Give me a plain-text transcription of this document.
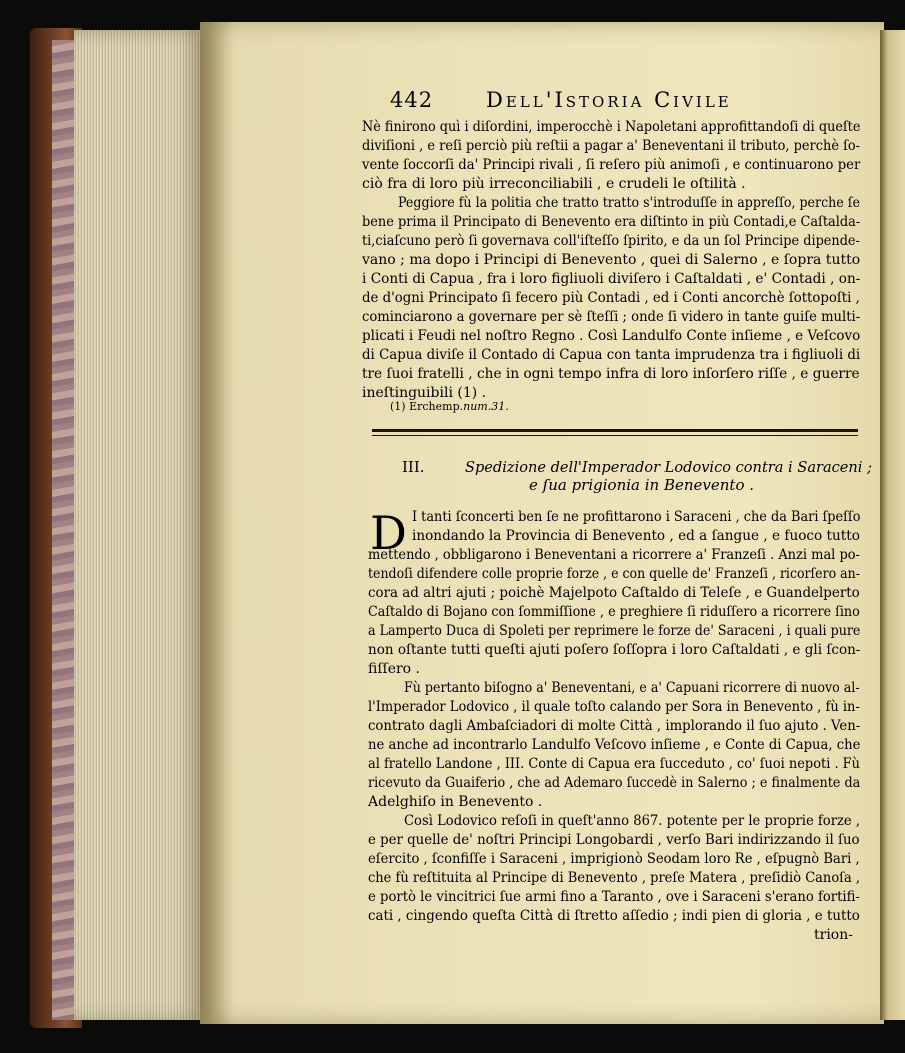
442	Dell'Istoria Civile
Nè finirono quì i diſordini, imperocchè i Napoletani approfittandoſi di queſte
diviſioni , e reſi perciò più reſtii a pagar a' Beneventani il tributo, perchè ſo-
vente ſoccorſi da' Principi rivali , ſi reſero più animoſi , e continuarono per
ciò fra di loro più irreconciliabili , e crudeli le oſtilità .
Peggiore fù la politia che tratto tratto s'introduſſe in appreſſo, perche ſe
bene prima il Principato di Benevento era diſtinto in più Contadi,e Caſtalda-
ti,ciaſcuno però ſi governava coll'iſteſſo ſpirito, e da un ſol Principe dipende-
vano ; ma dopo i Principi di Benevento , quei di Salerno , e ſopra tutto
i Conti di Capua , fra i loro figliuoli diviſero i Caſtaldati , e' Contadi , on-
de d'ogni Principato ſi fecero più Contadi , ed i Conti ancorchè ſottopoſti ,
cominciarono a governare per sè ſteſſi ; onde ſi videro in tante guiſe multi-
plicati i Feudi nel noſtro Regno . Così Landulfo Conte inſieme , e Veſcovo
di Capua diviſe il Contado di Capua con tanta imprudenza tra i figliuoli di
tre ſuoi fratelli , che in ogni tempo infra di loro inſorſero riſſe , e guerre
ineſtinguibili (1) .
(1) Erchemp.num.31.
III.	Spedizione dell'Imperador Lodovico contra i Saraceni ;
e ſua prigionia in Benevento .
D I tanti ſconcerti ben ſe ne profittarono i Saraceni , che da Bari ſpeſſo
inondando la Provincia di Benevento , ed a ſangue , e fuoco tutto
mettendo , obbligarono i Beneventani a ricorrere a' Franzeſi . Anzi mal po-
tendoſi difendere colle proprie forze , e con quelle de' Franzeſi , ricorſero an-
cora ad altri ajuti ; poichè Majelpoto Caſtaldo di Teleſe , e Guandelperto
Caſtaldo di Bojano con ſommiſſione , e preghiere ſi riduſſero a ricorrere ſino
a Lamperto Duca di Spoleti per reprimere le forze de' Saraceni , i quali pure
non oſtante tutti queſti ajuti poſero ſoſſopra i loro Caſtaldati , e gli ſcon-
fiſſero .
Fù pertanto biſogno a' Beneventani, e a' Capuani ricorrere di nuovo al-
l'Imperador Lodovico , il quale toſto calando per Sora in Benevento , fù in-
contrato dagli Ambaſciadori di molte Città , implorando il ſuo ajuto . Ven-
ne anche ad incontrarlo Landulfo Veſcovo inſieme , e Conte di Capua, che
al fratello Landone , III. Conte di Capua era ſucceduto , co' ſuoi nepoti . Fù
ricevuto da Guaiferio , che ad Ademaro ſuccedè in Salerno ; e finalmente da
Adelghiſo in Benevento .
Così Lodovico reſoſi in queſt'anno 867. potente per le proprie forze ,
e per quelle de' noſtri Principi Longobardi , verſo Bari indirizzando il ſuo
eſercito , ſconfiſſe i Saraceni , imprigionò Seodam loro Re , eſpugnò Bari ,
che fù reſtituita al Principe di Benevento , preſe Matera , preſidiò Canoſa ,
e portò le vincitrici ſue armi fino a Taranto , ove i Saraceni s'erano fortifi-
cati , cingendo queſta Città di ſtretto aſſedio ; indi pien di gloria , e tutto
trion-
